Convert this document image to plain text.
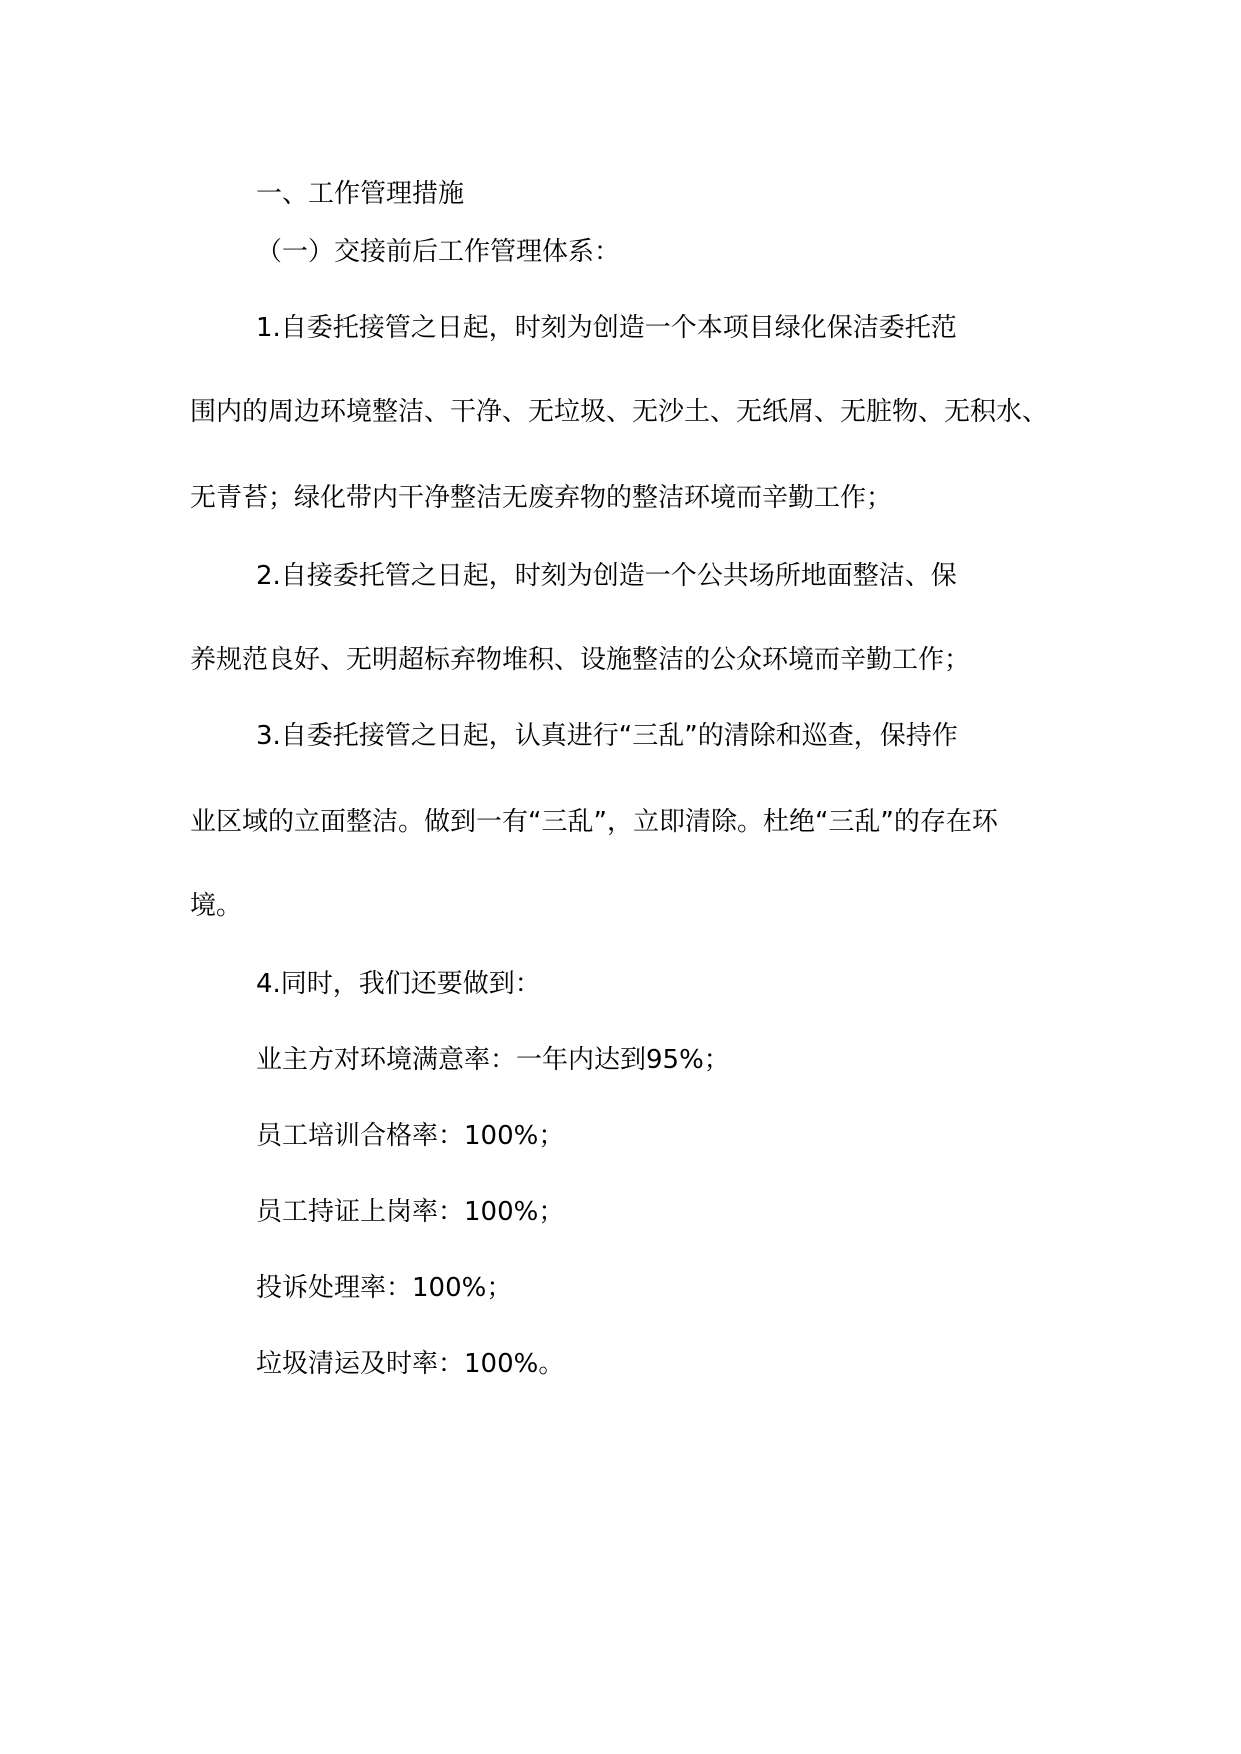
一、工作管理措施

（一）交接前后工作管理体系：

1.自委托接管之日起，时刻为创造一个本项目绿化保洁委托范

围内的周边环境整洁、干净、无垃圾、无沙土、无纸屑、无脏物、无积水、

无青苔；绿化带内干净整洁无废弃物的整洁环境而辛勤工作；

2.自接委托管之日起，时刻为创造一个公共场所地面整洁、保

养规范良好、无明超标弃物堆积、设施整洁的公众环境而辛勤工作；

3.自委托接管之日起，认真进行“三乱”的清除和巡查，保持作

业区域的立面整洁。做到一有“三乱”，立即清除。杜绝“三乱”的存在环

境。

4.同时，我们还要做到：

业主方对环境满意率：一年内达到95%；

员工培训合格率：100%；

员工持证上岗率：100%；

投诉处理率：100%；

垃圾清运及时率：100%。
